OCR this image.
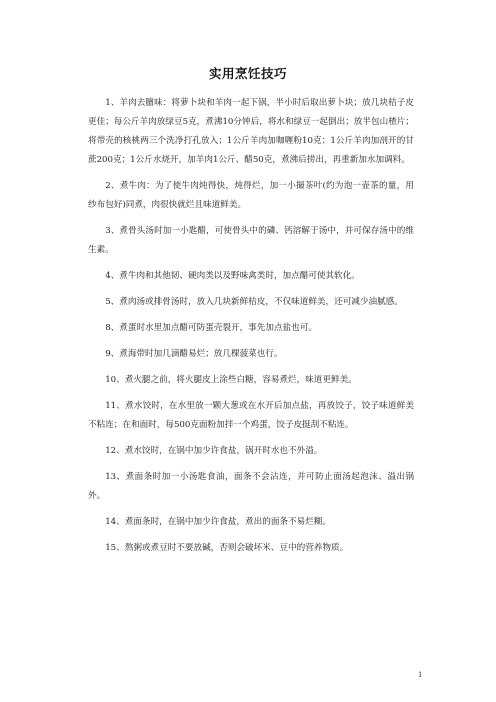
实用烹饪技巧

1、羊肉去膻味：将萝卜块和羊肉一起下锅，半小时后取出萝卜块；放几块桔子皮更佳；每公斤羊肉放绿豆5克，煮沸10分钟后，将水和绿豆一起倒出；放半包山楂片；将带壳的核桃两三个洗净打孔放入；1公斤羊肉加咖喱粉10克；1公斤羊肉加剖开的甘蔗200克；1公斤水烧开，加羊肉1公斤、醋50克，煮沸后捞出，再重新加水加调料。

2、煮牛肉：为了使牛肉炖得快，炖得烂，加一小撮茶叶(约为泡一壶茶的量，用纱布包好)同煮，肉很快就烂且味道鲜美。

3、煮骨头汤时加一小匙醋，可使骨头中的磷、钙溶解于汤中，并可保存汤中的维生素。

4、煮牛肉和其他韧、硬肉类以及野味禽类时，加点醋可使其软化。

5、煮肉汤或排骨汤时，放入几块新鲜桔皮，不仅味道鲜美，还可减少油腻感。

8、煮蛋时水里加点醋可防蛋壳裂开，事先加点盐也可。

9、煮海带时加几滴醋易烂；放几棵菠菜也行。

10、煮火腿之前，将火腿皮上涂些白糖，容易煮烂，味道更鲜美。

11、煮水饺时，在水里放一颗大葱或在水开后加点盐，再放饺子，饺子味道鲜美不粘连；在和面时，每500克面粉加拌一个鸡蛋，饺子皮挺刮不粘连。

12、煮水饺时，在锅中加少许食盐，锅开时水也不外溢。

13、煮面条时加一小汤匙食油，面条不会沾连，并可防止面汤起泡沫、溢出锅外。

14、煮面条时，在锅中加少许食盐，煮出的面条不易烂糊。

15、熬粥或煮豆时不要放碱，否则会破坏米、豆中的营养物质。

1
